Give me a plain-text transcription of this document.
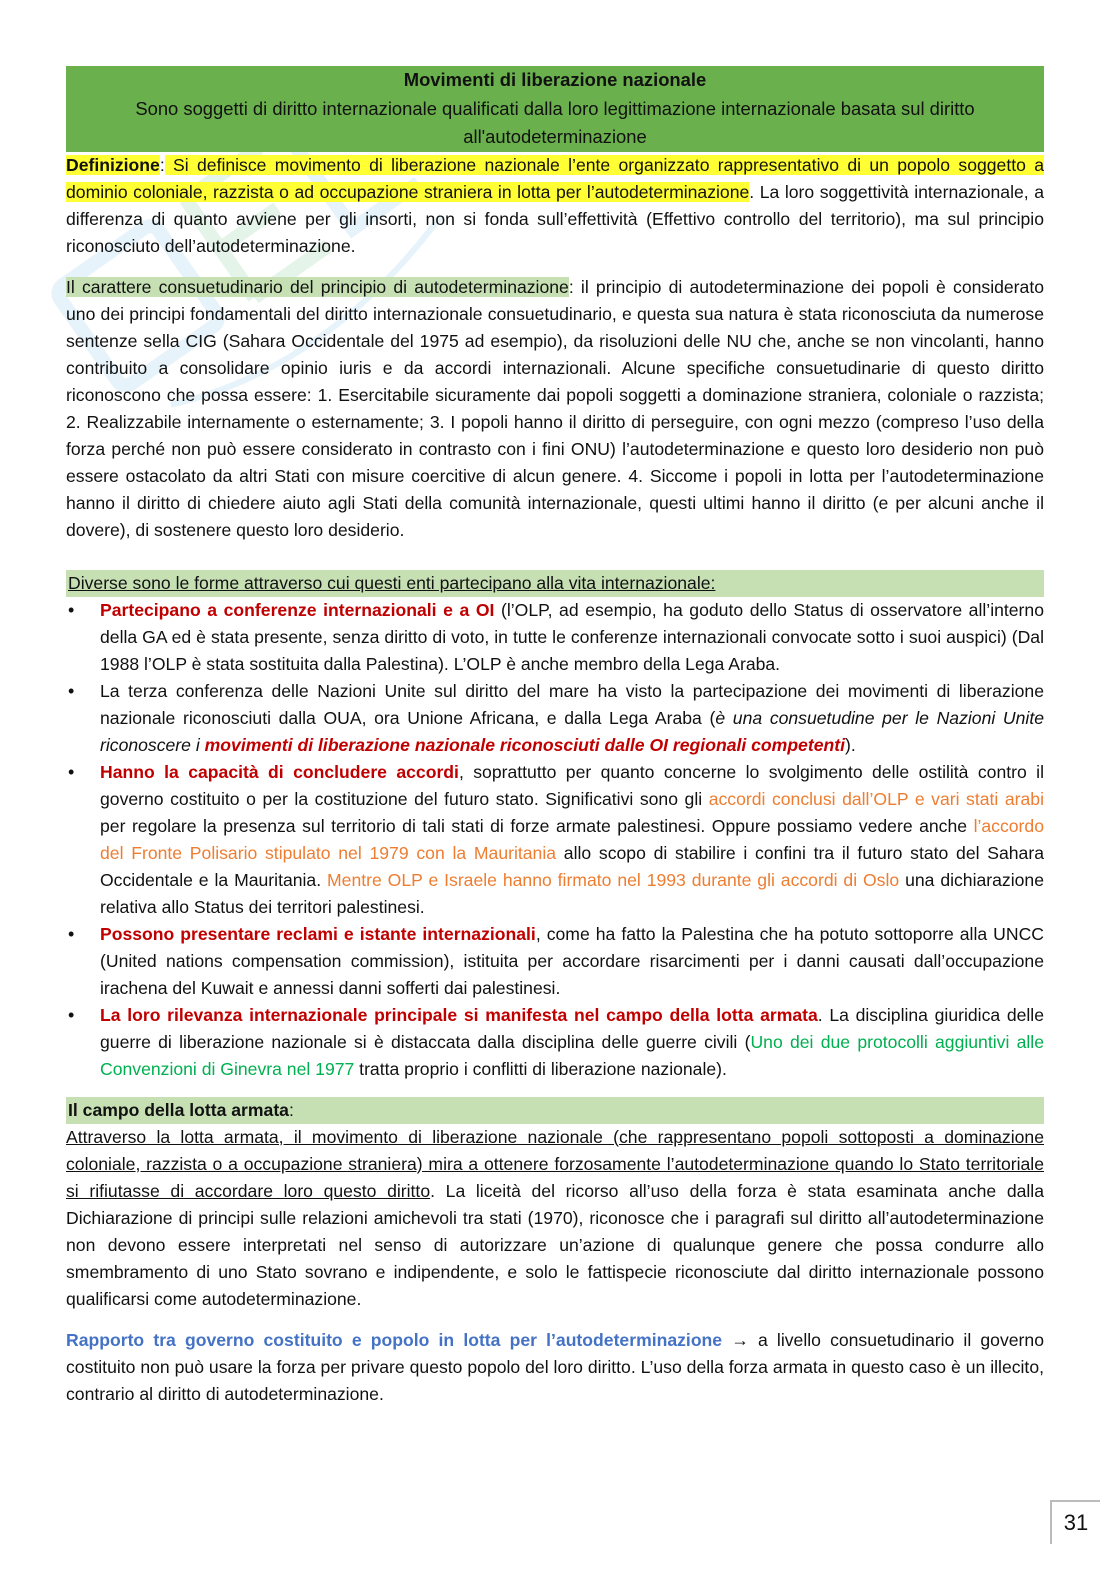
Movimenti di liberazione nazionale
Sono soggetti di diritto internazionale qualificati dalla loro legittimazione internazionale basata sul diritto
all'autodeterminazione

Definizione: Si definisce movimento di liberazione nazionale l’ente organizzato rappresentativo di un popolo soggetto a dominio coloniale, razzista o ad occupazione straniera in lotta per l’autodeterminazione. La loro soggettività internazionale, a differenza di quanto avviene per gli insorti, non si fonda sull’effettività (Effettivo controllo del territorio), ma sul principio riconosciuto dell’autodeterminazione.

Il carattere consuetudinario del principio di autodeterminazione: il principio di autodeterminazione dei popoli è considerato uno dei principi fondamentali del diritto internazionale consuetudinario, e questa sua natura è stata riconosciuta da numerose sentenze sella CIG (Sahara Occidentale del 1975 ad esempio), da risoluzioni delle NU che, anche se non vincolanti, hanno contribuito a consolidare opinio iuris e da accordi internazionali. Alcune specifiche consuetudinarie di questo diritto riconoscono che possa essere: 1. Esercitabile sicuramente dai popoli soggetti a dominazione straniera, coloniale o razzista; 2. Realizzabile internamente o esternamente; 3. I popoli hanno il diritto di perseguire, con ogni mezzo (compreso l’uso della forza perché non può essere considerato in contrasto con i fini ONU) l’autodeterminazione e questo loro desiderio non può essere ostacolato da altri Stati con misure coercitive di alcun genere. 4. Siccome i popoli in lotta per l’autodeterminazione hanno il diritto di chiedere aiuto agli Stati della comunità internazionale, questi ultimi hanno il diritto (e per alcuni anche il dovere), di sostenere questo loro desiderio.

Diverse sono le forme attraverso cui questi enti partecipano alla vita internazionale:
• Partecipano a conferenze internazionali e a OI (l’OLP, ad esempio, ha goduto dello Status di osservatore all’interno della GA ed è stata presente, senza diritto di voto, in tutte le conferenze internazionali convocate sotto i suoi auspici) (Dal 1988 l’OLP è stata sostituita dalla Palestina). L’OLP è anche membro della Lega Araba.
• La terza conferenza delle Nazioni Unite sul diritto del mare ha visto la partecipazione dei movimenti di liberazione nazionale riconosciuti dalla OUA, ora Unione Africana, e dalla Lega Araba (è una consuetudine per le Nazioni Unite riconoscere i movimenti di liberazione nazionale riconosciuti dalle OI regionali competenti).
• Hanno la capacità di concludere accordi, soprattutto per quanto concerne lo svolgimento delle ostilità contro il governo costituito o per la costituzione del futuro stato. Significativi sono gli accordi conclusi dall’OLP e vari stati arabi per regolare la presenza sul territorio di tali stati di forze armate palestinesi. Oppure possiamo vedere anche l’accordo del Fronte Polisario stipulato nel 1979 con la Mauritania allo scopo di stabilire i confini tra il futuro stato del Sahara Occidentale e la Mauritania. Mentre OLP e Israele hanno firmato nel 1993 durante gli accordi di Oslo una dichiarazione relativa allo Status dei territori palestinesi.
• Possono presentare reclami e istante internazionali, come ha fatto la Palestina che ha potuto sottoporre alla UNCC (United nations compensation commission), istituita per accordare risarcimenti per i danni causati dall’occupazione irachena del Kuwait e annessi danni sofferti dai palestinesi.
• La loro rilevanza internazionale principale si manifesta nel campo della lotta armata. La disciplina giuridica delle guerre di liberazione nazionale si è distaccata dalla disciplina delle guerre civili (Uno dei due protocolli aggiuntivi alle Convenzioni di Ginevra nel 1977 tratta proprio i conflitti di liberazione nazionale).
Il campo della lotta armata:

Attraverso la lotta armata, il movimento di liberazione nazionale (che rappresentano popoli sottoposti a dominazione coloniale, razzista o a occupazione straniera) mira a ottenere forzosamente l’autodeterminazione quando lo Stato territoriale si rifiutasse di accordare loro questo diritto. La liceità del ricorso all’uso della forza è stata esaminata anche dalla Dichiarazione di principi sulle relazioni amichevoli tra stati (1970), riconosce che i paragrafi sul diritto all’autodeterminazione non devono essere interpretati nel senso di autorizzare un’azione di qualunque genere che possa condurre allo smembramento di uno Stato sovrano e indipendente, e solo le fattispecie riconosciute dal diritto internazionale possono qualificarsi come autodeterminazione.

Rapporto tra governo costituito e popolo in lotta per l’autodeterminazione → a livello consuetudinario il governo costituito non può usare la forza per privare questo popolo del loro diritto. L’uso della forza armata in questo caso è un illecito, contrario al diritto di autodeterminazione.

31
